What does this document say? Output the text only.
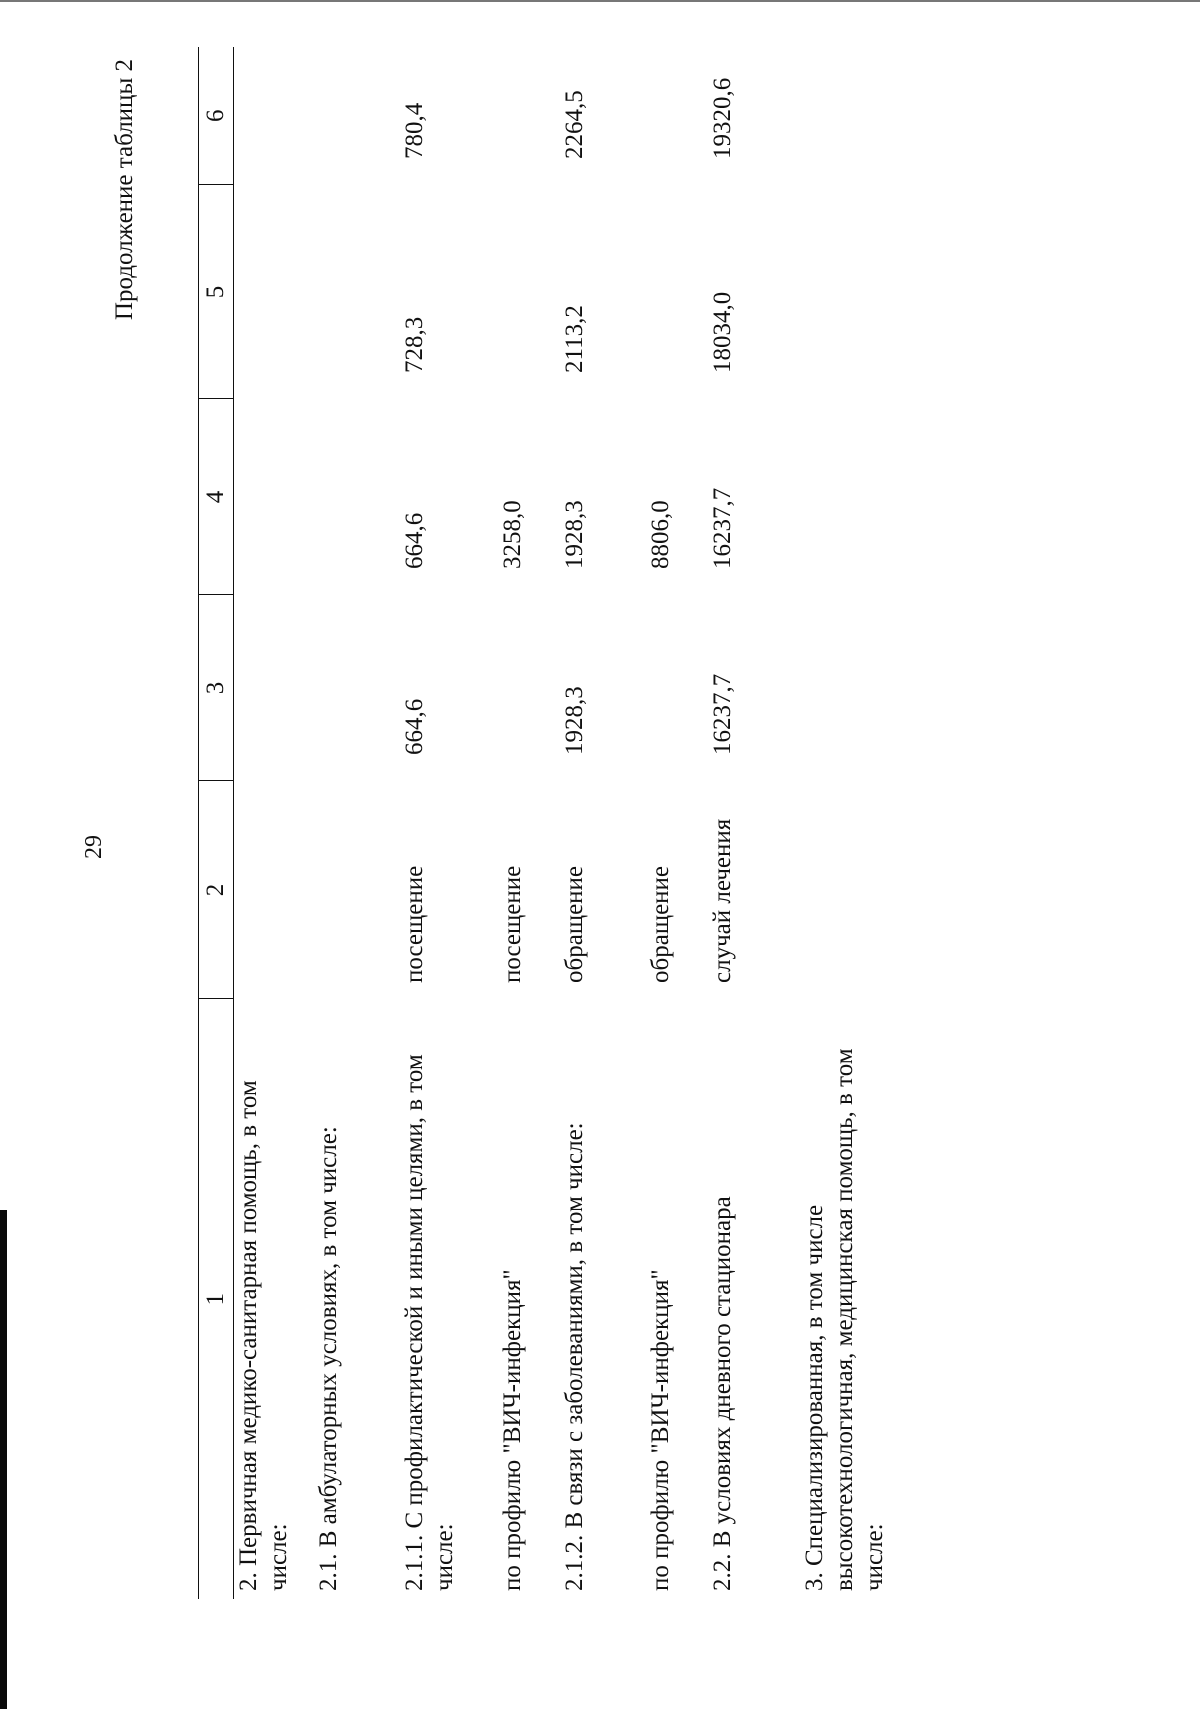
29
Продолжение таблицы 2
1	2	3	4	5	6
2. Первичная медико-санитарная помощь, в том числе:					
2.1. В амбулаторных условиях, в том числе:					
2.1.1. С профилактической и иными целями, в том числе:	посещение	664,6	664,6	728,3	780,4
по профилю "ВИЧ-инфекция"	посещение		3258,0		
2.1.2. В связи с заболеваниями, в том числе:	обращение	1928,3	1928,3	2113,2	2264,5
по профилю "ВИЧ-инфекция"	обращение		8806,0		
2.2. В условиях дневного стационара	случай лечения	16237,7	16237,7	18034,0	19320,6
3. Специализированная, в том числе высокотехнологичная, медицинская помощь, в том числе:					
